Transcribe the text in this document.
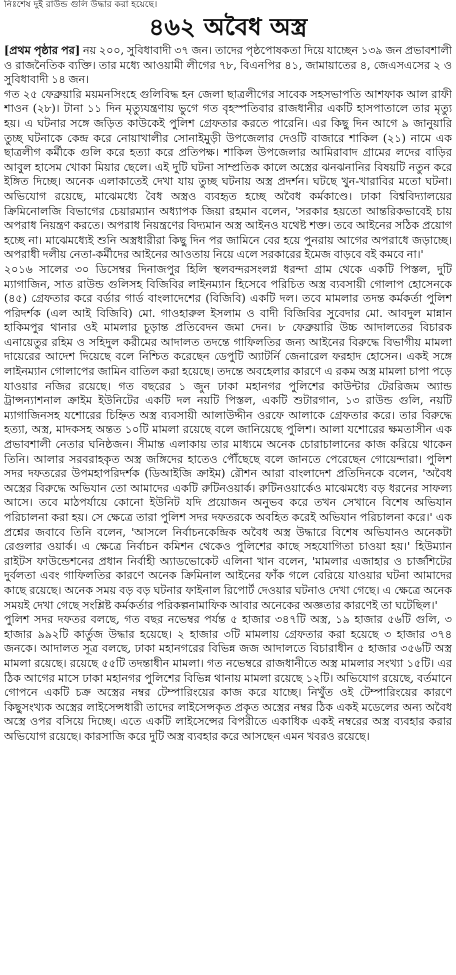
নিঃশেষ দুই রাউন্ড গুলি উদ্ধার করা হয়েছে।
৪৬২ অবৈধ অস্ত্র

[প্রথম পৃষ্ঠার পর] নয় ২০০, সুবিধাবাদী ৩৭ জন। তাদের পৃষ্ঠপোষকতা দিয়ে যাচ্ছেন ১৩৯ জন প্রভাবশালী ও রাজনৈতিক ব্যক্তি। তার মধ্যে আওয়ামী লীগের ৭৮, বিএনপির ৪১, জামায়াতের ৪, জেএসএসের ২ ও সুবিধাবাদী ১৪ জন।

গত ২৫ ফেব্রুয়ারি ময়মনসিংহে গুলিবিদ্ধ হন জেলা ছাত্রলীগের সাবেক সহসভাপতি আশফাক আল রাফী শাওন (২৮)। টানা ১১ দিন মৃত্যুযন্ত্রণায় ভুগে গত বৃহস্পতিবার রাজধানীর একটি হাসপাতালে তার মৃত্যু হয়। এ ঘটনার সঙ্গে জড়িত কাউকেই পুলিশ গ্রেফতার করতে পারেনি। এর কিছু দিন আগে ৯ জানুয়ারি তুচ্ছ ঘটনাকে কেন্দ্র করে নোয়াখালীর সোনাইমুড়ী উপজেলার দেওটি বাজারে শাকিল (২১) নামে এক ছাত্রলীগ কর্মীকে গুলি করে হত্যা করে প্রতিপক্ষ। শাকিল উপজেলার আমিরাবাদ গ্রামের লদের বাড়ির আবুল হাসেম খোকা মিয়ার ছেলে। এই দুটি ঘটনা সাম্প্রতিক কালে অস্ত্রের ঝনঝনানির বিষয়টি নতুন করে ইঙ্গিত দিচ্ছে। অনেক এলাকাতেই দেখা যায় তুচ্ছ ঘটনায় অস্ত্র প্রদর্শন। ঘটছে খুন-খারাবির মতো ঘটনা। অভিযোগ রয়েছে, মাঝেমধ্যে বৈধ অস্ত্রও ব্যবহৃত হচ্ছে অবৈধ কর্মকাণ্ডে। ঢাকা বিশ্ববিদ্যালয়ের ক্রিমিনোলজি বিভাগের চেয়ারম্যান অধ্যাপক জিয়া রহমান বলেন, 'সরকার হয়তো আন্তরিকভাবেই চায় অপরাধ নিয়ন্ত্রণ করতে। অপরাধ নিয়ন্ত্রণের বিদ্যমান অস্ত্র আইনও যথেষ্ট শক্ত। তবে আইনের সঠিক প্রয়োগ হচ্ছে না। মাঝেমধ্যেই শুনি অস্ত্রধারীরা কিছু দিন পর জামিনে বের হয়ে পুনরায় আগের অপরাধে জড়াচ্ছে। অপরাধী দলীয় নেতা-কর্মীদের আইনের আওতায় নিয়ে এলে সরকারের ইমেজ বাড়বে বই কমবে না।'

২০১৬ সালের ৩০ ডিসেম্বর দিনাজপুর হিলি স্থলবন্দরসংলগ্ন ধরন্দা গ্রাম থেকে একটি পিস্তল, দুটি ম্যাগাজিন, সাত রাউন্ড গুলিসহ বিজিবির লাইনম্যান হিসেবে পরিচিত অস্ত্র ব্যবসায়ী গোলাপ হোসেনকে (৪৫) গ্রেফতার করে বর্ডার গার্ড বাংলাদেশের (বিজিবি) একটি দল। তবে মামলার তদন্ত কর্মকর্তা পুলিশ পরিদর্শক (এল আই বিজিবি) মো. গাওহারুল ইসলাম ও বাদী বিজিবির সুবেদার মো. আবদুল মান্নান হাকিমপুর থানার ওই মামলার চূড়ান্ত প্রতিবেদন জমা দেন। ৮ ফেব্রুয়ারি উচ্চ আদালতের বিচারক এনায়েতুর রহিম ও সহিদুল করীমের আদালত তদন্তে গাফিলতির জন্য আইনের বিরুদ্ধে বিভাগীয় মামলা দায়েরের আদেশ দিয়েছে বলে নিশ্চিত করেছেন ডেপুটি অ্যাটর্নি জেনারেল ফরহাদ হোসেন। একই সঙ্গে লাইনম্যান গোলাপের জামিন বাতিল করা হয়েছে। তদন্তে অবহেলার কারণে এ রকম অস্ত্র মামলা চাপা পড়ে যাওয়ার নজির রয়েছে। গত বছরের ১ জুন ঢাকা মহানগর পুলিশের কাউন্টার টেররিজম অ্যান্ড ট্রান্সন্যাশনাল ক্রাইম ইউনিটের একটি দল নয়টি পিস্তল, একটি শুটারগান, ১৩ রাউন্ড গুলি, নয়টি ম্যাগাজিনসহ যশোরের চিহ্নিত অস্ত্র ব্যবসায়ী আলাউদ্দীন ওরফে আলাকে গ্রেফতার করে। তার বিরুদ্ধে হত্যা, অস্ত্র, মাদকসহ অন্তত ১০টি মামলা রয়েছে বলে জানিয়েছে পুলিশ। আলা যশোরের ক্ষমতাসীন এক প্রভাবশালী নেতার ঘনিষ্ঠজন। সীমান্ত এলাকায় তার মাধ্যমে অনেক চোরাচালানের কাজ করিয়ে থাকেন তিনি। আলার সরবরাহকৃত অস্ত্র জঙ্গিদের হাতেও পৌঁছেছে বলে জানতে পেরেছেন গোয়েন্দারা। পুলিশ সদর দফতরের উপমহাপরিদর্শক (ডিআইজি ক্রাইম) রৌশন আরা বাংলাদেশ প্রতিদিনকে বলেন, 'অবৈধ অস্ত্রের বিরুদ্ধে অভিযান তো আমাদের একটি রুটিনওয়ার্ক। রুটিনওয়ার্কেও মাঝেমধ্যে বড় ধরনের সাফল্য আসে। তবে মাঠপর্যায়ে কোনো ইউনিট যদি প্রয়োজন অনুভব করে তখন সেখানে বিশেষ অভিযান পরিচালনা করা হয়। সে ক্ষেত্রে তারা পুলিশ সদর দফতরকে অবহিত করেই অভিযান পরিচালনা করে।' এক প্রশ্নের জবাবে তিনি বলেন, 'আসলে নির্বাচনকেন্দ্রিক অবৈধ অস্ত্র উদ্ধারে বিশেষ অভিযানও অনেকটা রেগুলার ওয়ার্ক। এ ক্ষেত্রে নির্বাচন কমিশন থেকেও পুলিশের কাছে সহযোগিতা চাওয়া হয়।' হিউম্যান রাইটস ফাউন্ডেশনের প্রধান নির্বাহী অ্যাডভোকেট এলিনা খান বলেন, 'মামলার এজাহার ও চার্জশিটের দুর্বলতা এবং গাফিলতির কারণে অনেক ক্রিমিনাল আইনের ফাঁক গলে বেরিয়ে যাওয়ার ঘটনা আমাদের কাছে রয়েছে। অনেক সময় বড় বড় ঘটনার ফাইনাল রিপোর্ট দেওয়ার ঘটনাও দেখা গেছে। এ ক্ষেত্রে অনেক সময়ই দেখা গেছে সংশ্লিষ্ট কর্মকর্তার পরিকল্পনামাফিক আবার অনেকের অজ্ঞতার কারণেই তা ঘটেছিল।'

পুলিশ সদর দফতর বলছে, গত বছর নভেম্বর পর্যন্ত ৫ হাজার ৩৪৭টি অস্ত্র, ১৯ হাজার ৫৬টি গুলি, ৩ হাজার ৯৯২টি কার্তুজ উদ্ধার হয়েছে। ২ হাজার ৩টি মামলায় গ্রেফতার করা হয়েছে ৩ হাজার ৩৭৪ জনকে। আদালত সূত্র বলছে, ঢাকা মহানগরের বিভিন্ন জজ আদালতে বিচারাধীন ৫ হাজার ৩৫৬টি অস্ত্র মামলা রয়েছে। রয়েছে ৫৫টি তদন্তাধীন মামলা। গত নভেম্বরে রাজধানীতে অস্ত্র মামলার সংখ্যা ১৫টি। এর ঠিক আগের মাসে ঢাকা মহানগর পুলিশের বিভিন্ন থানায় মামলা রয়েছে ১২টি। অভিযোগ রয়েছে, বর্তমানে গোপনে একটি চক্র অস্ত্রের নম্বর টেম্পারিংয়ের কাজ করে যাচ্ছে। নিখুঁত ওই টেম্পারিংয়ের কারণে কিছুসংখ্যক অস্ত্রের লাইসেন্সধারী তাদের লাইসেন্সকৃত প্রকৃত অস্ত্রের নম্বর ঠিক একই মডেলের অন্য অবৈধ অস্ত্রে ওপর বসিয়ে দিচ্ছে। এতে একটি লাইসেন্সের বিপরীতে একাধিক একই নম্বরের অস্ত্র ব্যবহার করার অভিযোগ রয়েছে। কারসাজি করে দুটি অস্ত্র ব্যবহার করে আসছেন এমন খবরও রয়েছে।
